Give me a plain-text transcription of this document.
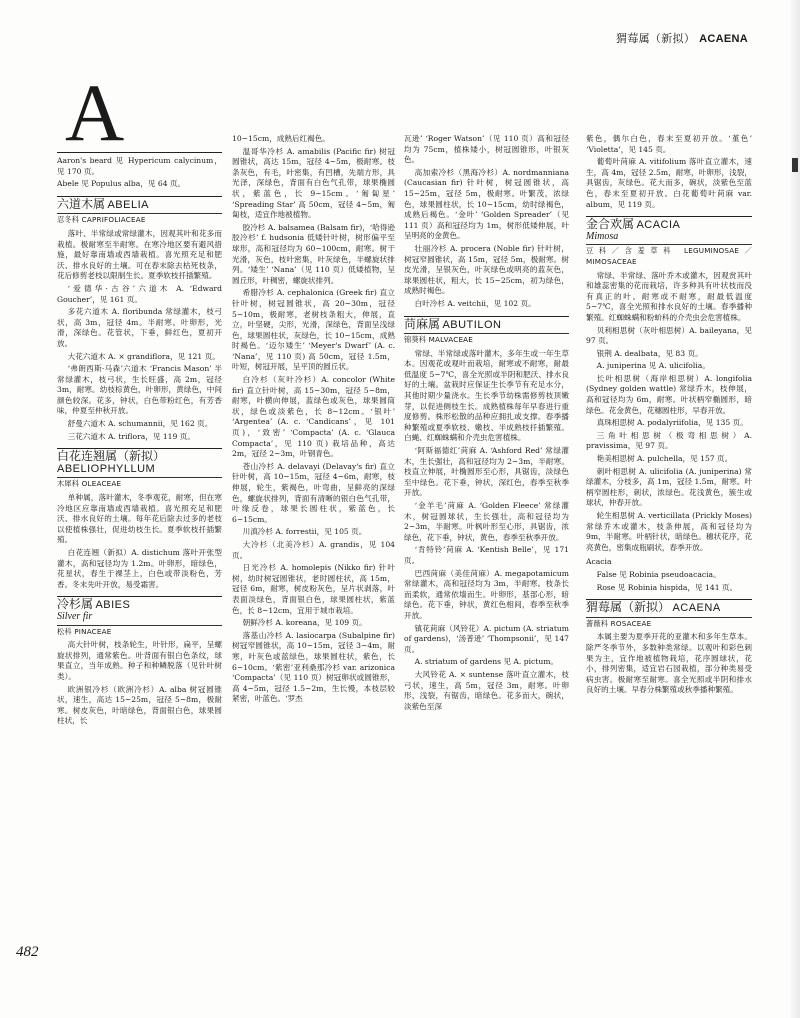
猬莓属（新拟） ACAENA
A

Aaron's beard 见 Hypericum calycinum，见 170 页。

Abele 见 Populus alba，见 64 页。

六道木属 ABELIA
忍冬科 CAPRIFOLIACEAE

落叶、半常绿或常绿灌木，因观其叶和花多而栽植。极耐寒至半耐寒。在寒冷地区要有避风措施，最好靠南墙或西墙栽植。喜光照充足和肥沃、排水良好的土壤。可在春末除去枯死枝条，花后修剪老枝以限制生长。夏季软枝扦插繁殖。

‘爱德华·古谷’六道木 A. ‘Edward Goucher’，见 161 页。

多花六道木 A. floribunda 常绿灌木，枝弓状，高 3m，冠径 4m。半耐寒。叶卵形，光滑，深绿色。花管状，下垂，鲜红色，夏初开放。

大花六道木 A. × grandiflora，见 121 页。

‘弗朗西斯·马森’六道木 ‘Francis Mason’ 半常绿灌木，枝弓状，生长旺盛，高 2m，冠径 3m，耐寒。幼枝棕黄色，叶卵形，黄绿色，中间颜色较深。花多，钟状，白色带粉红色，有芳香味，仲夏至仲秋开放。

舒曼六道木 A. schumannii，见 162 页。

三花六道木 A. triflora，见 119 页。

白花连翘属（新拟）
ABELIOPHYLLUM
木犀科 OLEACEAE

单种属，落叶灌木，冬季观花，耐寒，但在寒冷地区应靠南墙或西墙栽植。喜光照充足和肥沃、排水良好的土壤。每年花后除去过多的老枝以使植株强壮，促进幼枝生长。夏季软枝扦插繁殖。

白花连翘（新拟）A. distichum 落叶开张型灌木，高和冠径均为 1.2m。叶卵形，暗绿色，花星状，春生于裸茎上，白色或带淡粉色，芳香。冬末先叶开放，易受霜害。

冷杉属 ABIES
Silver fir
松科 PINACEAE

高大针叶树，枝条轮生，叶针形，扁平，呈螺旋状排列，通常紫色。叶背面有银白色条纹，球果直立，当年成熟。种子和种鳞脱落（见针叶树类）。

欧洲银冷杉（欧洲冷杉）A. alba 树冠圆锥状，速生，高达 15~25m，冠径 5~8m，极耐寒。树皮灰色，叶暗绿色，背面银白色，球果圆柱状，长

10~15cm，成熟后红褐色。

温哥华冷杉 A. amabilis (Pacific fir) 树冠圆锥状，高达 15m，冠径 4~5m，极耐寒。枝条灰色，有毛，叶密集，有凹槽，先端方形，具光泽，深绿色，背面有白色气孔带，球果椭圆状，紫蓝色，长 9~15cm。‘匍匐星’ ‘Spreading Star’ 高 50cm，冠径 4~5m，匍匐枝，适宜作地被植物。

胶冷杉 A. balsamea (Balsam fir)，‘哈得逊胶冷杉’ f. hudsonia 低矮针叶树，树形偏平至球形，高和冠径均为 60~100cm，耐寒。树干光滑，灰色，枝叶密集，叶灰绿色，半螺旋状排列。‘矮生’ ‘Nana’（见 110 页）低矮植物，呈圆丘形，叶稠密，螺旋状排列。

希腊冷杉 A. cephalonica (Greek fir) 直立针叶树，树冠圆锥状，高 20~30m，冠径 5~10m，极耐寒，老树枝条粗大，伸展，直立，叶坚硬，尖形，光滑，深绿色，背面呈浅绿色，球果圆柱状，灰绿色，长 10~15cm，成熟时褐色。‘迈尔矮生’ ‘Meyer's Dwarf’ (A. c. ‘Nana’，见 110 页) 高 50cm，冠径 1.5m，叶短，树冠开展，呈平顶的圆丘状。

白冷杉（灰叶冷杉）A. concolor (White fir) 直立针叶树，高 15~30m，冠径 5~8m，耐寒，叶横向伸展，蓝绿色或灰色，球果圆筒状，绿色或淡紫色，长 8~12cm。‘银叶’ ‘Argentea’ (A. c. ‘Candicans’，见 101 页)，‘致密’ ‘Compacta’ (A. c. ‘Glauca Compacta’，见 110 页) 栽培品种，高达 2m，冠径 2~3m，叶钢青色。

苍山冷杉 A. delavayi (Delavay's fir) 直立针叶树，高 10~15m，冠径 4~6m，耐寒，枝伸展，轮生，紫褐色，叶弯曲，呈鲜亮的深绿色，螺旋状排列，背面有清晰的银白色气孔带，叶缘反卷，球果长圆柱状，紫蓝色，长 6~15cm。

川滇冷杉 A. forrestii，见 105 页。

大冷杉（北美冷杉）A. grandis，见 104 页。

日光冷杉 A. homolepis (Nikko fir) 针叶树，幼时树冠圆锥状，老时圆柱状，高 15m，冠径 6m，耐寒，树皮粉灰色，呈片状剥落，叶表面淡绿色，背面银白色，球果圆柱状，紫蓝色，长 8~12cm，宜用于城市栽培。

朝鲜冷杉 A. koreana，见 109 页。

落基山冷杉 A. lasiocarpa (Subalpine fir) 树冠窄圆锥状，高 10~15m，冠径 3~4m，耐寒，叶灰色或蓝绿色，球果圆柱状，紫色，长 6~10cm。‘紫密’亚利桑那冷杉 var. arizonica ‘Compacta’（见 110 页）树冠卵状或圆锥形，高 4~5m，冠径 1.5~2m，生长慢，本枝层较紧密，叶蓝色。‘罗杰

瓦逊’ ‘Roger Watson’（见 110 页）高和冠径均为 75cm，植株矮小，树冠圆锥形，叶银灰色。

高加索冷杉（黑海冷杉）A. nordmanniana (Caucasian fir) 针叶树，树冠圆锥状，高 15~25m，冠径 5m，极耐寒。叶繁茂，浓绿色，球果圆柱状，长 10~15cm，幼时绿褐色，成熟后褐色。‘金叶’ ‘Golden Spreader’（见 111 页）高和冠径均为 1m，树形低矮伸展，叶呈明亮的金黄色。

壮丽冷杉 A. procera (Noble fir) 针叶树，树冠窄圆锥状，高 15m，冠径 5m，极耐寒。树皮光滑，呈银灰色，叶灰绿色或明亮的蓝灰色，球果圆柱状，粗大，长 15~25cm，初为绿色，成熟时褐色。

白叶冷杉 A. veitchii，见 102 页。

苘麻属 ABUTILON
锦葵科 MALVACEAE

常绿、半常绿或落叶灌木，多年生或一年生草本。因观花或观叶而栽培，耐寒或不耐寒，耐最低温度 5~7℃，喜全光照或半阴和肥沃、排水良好的土壤。盆栽时应保证生长季节有充足水分，其他时期少量浇水。生长季节幼株需修剪枝顶嫩芽，以促进侧枝生长。成熟植株每年早春进行重度修剪。株形松散的品种应拥扎或支撑。春季播种繁殖或夏季软枝、嫩枝、半成熟枝扦插繁殖。白蝇、红蜘蛛螨和介壳虫危害植株。

‘阿斯福德红’苘麻 A. ‘Ashford Red’ 常绿灌木，生长强壮，高和冠径均为 2~3m，半耐寒。枝直立伸展，叶椭圆形至心形，具锯齿，淡绿色至中绿色。花下垂，钟状，深红色，春季至秋季开放。

‘金羊毛’苘麻 A. ‘Golden Fleece’ 常绿灌木，树冠圆球状，生长强壮，高和冠径均为 2~3m，半耐寒。叶枫叶形至心形，具锯齿，浓绿色，花下垂，钟状，黄色，春季至秋季开放。

‘肯特铃’苘麻 A. ‘Kentish Belle’，见 171 页。

巴西苘麻（美佳苘麻）A. megapotamicum 常绿灌木，高和冠径均为 3m，半耐寒。枝条长而柔软，通常依墙而生。叶卵形，基部心形，暗绿色。花下垂，钟状，黄红色相间，春季至秋季开放。

镇花苘麻（风铃花）A. pictum (A. striatum of gardens)，‘汤普逊’ ‘Thompsonii’，见 147 页。

A. striatum of gardens 见 A. pictum。

大风铃花 A. × suntense 落叶直立灌木，枝弓状，速生，高 5m，冠径 3m，耐寒。叶卵形，浅裂，有锯齿，暗绿色。花多而大，碗状，淡紫色至深

紫色，偶尔白色，春末至夏初开放。‘堇色’ ‘Violetta’，见 145 页。

葡萄叶苘麻 A. vitifolium 落叶直立灌木，速生，高 4m，冠径 2.5m，耐寒，叶卵形，浅裂，具锯齿，灰绿色。花大而多，碗状，淡紫色至蓝色，春末至夏初开放。白花葡萄叶苘麻 var. album，见 119 页。

金合欢属 ACACIA
Mimosa
豆科／含羞草科 LEGUMINOSAE／MIMOSACEAE

常绿、半常绿、落叶乔木或灌木，因观赏其叶和雄蕊密集的花而栽培，许多种具有叶状枝而没有真正的叶。耐寒或不耐寒，耐最低温度 5~7℃，喜全光照和排水良好的土壤。春季播种繁殖。红蜘蛛螨和粉蚧科的介壳虫会危害植株。

贝利相思树（灰叶相思树）A. baileyana，见 97 页。

银荆 A. dealbata，见 83 页。

A. juniperina 见 A. ulicifolia。

长叶相思树（海岸相思树）A. longifolia (Sydney golden wattle) 常绿乔木，枝伸展，高和冠径均为 6m，耐寒。叶状柄窄椭圆形，暗绿色。花金黄色，花穗圆柱形，早春开放。

真珠相思树 A. podalyriifolia，见 135 页。

三角叶相思树（极弯相思树）A. pravissima，见 97 页。

艳美相思树 A. pulchella，见 157 页。

刺叶相思树 A. ulicifolia (A. juniperina) 常绿灌木，分枝多，高 1m，冠径 1.5m，耐寒。叶柄窄圆柱形，刺状，浓绿色。花浅黄色，簇生或球状，仲春开放。

轮生相思树 A. verticillata (Prickly Moses) 常绿乔木或灌木，枝条伸展，高和冠径均为 9m，半耐寒。叶柄针状，暗绿色。穗状花序，花亮黄色，密集成瓶刷状，春季开放。

Acacia

False 见 Robinia pseudoacacia。

Rose 见 Robinia hispida，见 141 页。

猬莓属（新拟） ACAENA
蔷薇科 ROSACEAE

本属主要为夏季开花的亚灌木和多年生草本。除严冬季节外，多数种类常绿。以观叶和彩色刺果为主，宜作地被植物栽培，花序圆球状，花小，排列密集，适宜岩石园栽植，部分种类易受病虫害。极耐寒至耐寒。喜全光照或半阴和排水良好的土壤。早春分株繁殖或秋季播种繁殖。

482
